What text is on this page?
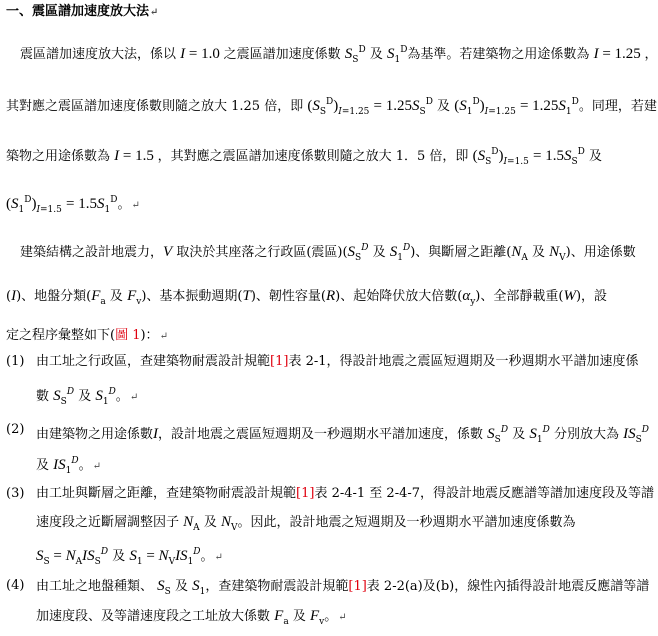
一、震區譜加速度放大法↵
震區譜加速度放大法，係以 I = 1.0 之震區譜加速度係數 $S_S^D$ 及 $S_1^D$為基準。若建築物之用途係數為 I = 1.25 ，
其對應之震區譜加速度係數則隨之放大 1.25 倍，即 $(S_S^D)_{I=1.25} = 1.25S_S^D$ 及 $(S_1^D)_{I=1.25} = 1.25S_1^D$。同理，若建
築物之用途係數為 I = 1.5 ，其對應之震區譜加速度係數則隨之放大 1．5 倍，即 $(S_S^D)_{I=1.5} = 1.5S_S^D$ 及
$(S_1^D)_{I=1.5} = 1.5S_1^D$。↵
建築結構之設計地震力，V 取決於其座落之行政區(震區)($S_S^D$ 及 $S_1^D$)、與斷層之距離($N_A$ 及 $N_V$)、用途係數
(I)、地盤分類($F_a$ 及 $F_v$)、基本振動週期(T)、韌性容量(R)、起始降伏放大倍數$(\alpha_y)$、全部靜載重(W)，設
定之程序彙整如下(圖 1)：↵
(1) 由工址之行政區，查建築物耐震設計規範[1]表 2-1，得設計地震之震區短週期及一秒週期水平譜加速度係
數 $S_S^D$ 及 $S_1^D$。↵
(2) 由建築物之用途係數I，設計地震之震區短週期及一秒週期水平譜加速度，係數 $S_S^D$ 及 $S_1^D$ 分別放大為 $IS_S^D$
及 $IS_1^D$。↵
(3) 由工址與斷層之距離，查建築物耐震設計規範[1]表 2-4-1 至 2-4-7，得設計地震反應譜等譜加速度段及等譜
速度段之近斷層調整因子 $N_A$ 及 $N_V$。因此，設計地震之短週期及一秒週期水平譜加速度係數為
$S_S = N_AIS_S^D$ 及 $S_1 = N_VIS_1^D$。↵
(4) 由工址之地盤種類、 $S_S$ 及 $S_1$，查建築物耐震設計規範[1]表 2-2(a)及(b)，線性內插得設計地震反應譜等譜
加速度段、及等譜速度段之工址放大係數 $F_a$ 及 $F_v$。↵
